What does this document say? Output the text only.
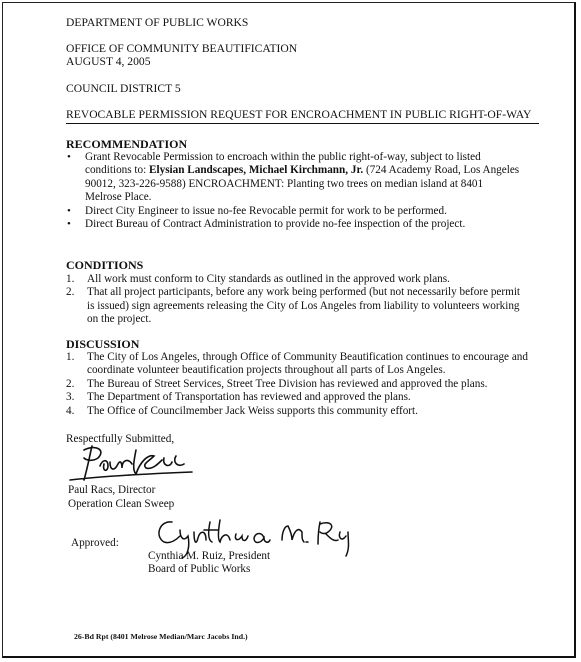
DEPARTMENT OF PUBLIC WORKS
OFFICE OF COMMUNITY BEAUTIFICATION
AUGUST 4, 2005
COUNCIL DISTRICT 5
REVOCABLE PERMISSION REQUEST FOR ENCROACHMENT IN PUBLIC RIGHT-OF-WAY
RECOMMENDATION
• Grant Revocable Permission to encroach within the public right-of-way, subject to listed
conditions to: Elysian Landscapes, Michael Kirchmann, Jr. (724 Academy Road, Los Angeles
90012, 323-226-9588) ENCROACHMENT: Planting two trees on median island at 8401
Melrose Place.
• Direct City Engineer to issue no-fee Revocable permit for work to be performed.
• Direct Bureau of Contract Administration to provide no-fee inspection of the project.
CONDITIONS
1. All work must conform to City standards as outlined in the approved work plans.
2. That all project participants, before any work being performed (but not necessarily before permit
is issued) sign agreements releasing the City of Los Angeles from liability to volunteers working
on the project.
DISCUSSION
1. The City of Los Angeles, through Office of Community Beautification continues to encourage and
coordinate volunteer beautification projects throughout all parts of Los Angeles.
2. The Bureau of Street Services, Street Tree Division has reviewed and approved the plans.
3. The Department of Transportation has reviewed and approved the plans.
4. The Office of Councilmember Jack Weiss supports this community effort.
Respectfully Submitted,
Paul Racs, Director
Operation Clean Sweep
Approved:
Cynthia M. Ruiz, President
Board of Public Works
26-Bd Rpt (8401 Melrose Median/Marc Jacobs Ind.)
